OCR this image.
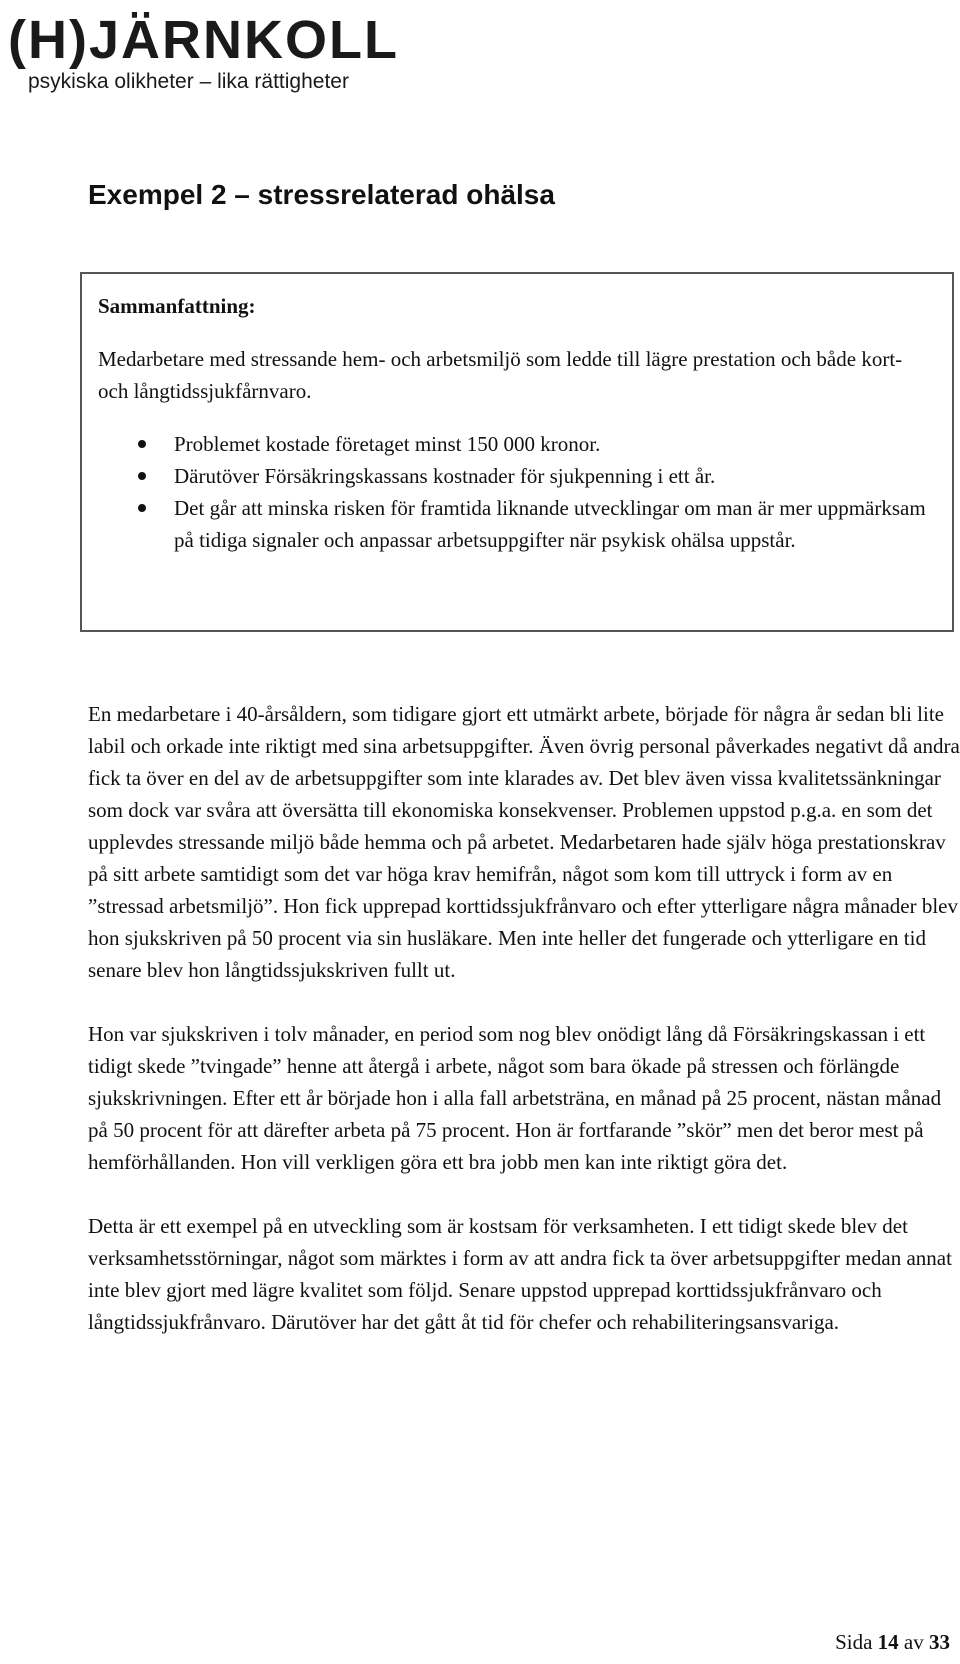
(H)JÄRNKOLL
psykiska olikheter – lika rättigheter
Exempel 2 – stressrelaterad ohälsa

Sammanfattning:

Medarbetare med stressande hem- och arbetsmiljö som ledde till lägre prestation och både kort- och långtidssjukfårnvaro.

Problemet kostade företaget minst 150 000 kronor.
Därutöver Försäkringskassans kostnader för sjukpenning i ett år.
Det går att minska risken för framtida liknande utvecklingar om man är mer uppmärksam på tidiga signaler och anpassar arbetsuppgifter när psykisk ohälsa uppstår.

En medarbetare i 40-årsåldern, som tidigare gjort ett utmärkt arbete, började för några år sedan bli lite labil och orkade inte riktigt med sina arbetsuppgifter. Även övrig personal påverkades negativt då andra fick ta över en del av de arbetsuppgifter som inte klarades av. Det blev även vissa kvalitetssänkningar som dock var svåra att översätta till ekonomiska konsekvenser. Problemen uppstod p.g.a. en som det upplevdes stressande miljö både hemma och på arbetet. Medarbetaren hade själv höga prestationskrav på sitt arbete samtidigt som det var höga krav hemifrån, något som kom till uttryck i form av en ”stressad arbetsmiljö”. Hon fick upprepad korttidssjukfrånvaro och efter ytterligare några månader blev hon sjukskriven på 50 procent via sin husläkare. Men inte heller det fungerade och ytterligare en tid senare blev hon långtidssjukskriven fullt ut.

Hon var sjukskriven i tolv månader, en period som nog blev onödigt lång då Försäkringskassan i ett tidigt skede ”tvingade” henne att återgå i arbete, något som bara ökade på stressen och förlängde sjukskrivningen. Efter ett år började hon i alla fall arbetsträna, en månad på 25 procent, nästan månad på 50 procent för att därefter arbeta på 75 procent. Hon är fortfarande ”skör” men det beror mest på hemförhållanden. Hon vill verkligen göra ett bra jobb men kan inte riktigt göra det.

Detta är ett exempel på en utveckling som är kostsam för verksamheten. I ett tidigt skede blev det verksamhetsstörningar, något som märktes i form av att andra fick ta över arbetsuppgifter medan annat inte blev gjort med lägre kvalitet som följd. Senare uppstod upprepad korttidssjukfrånvaro och långtidssjukfrånvaro. Därutöver har det gått åt tid för chefer och rehabiliteringsansvariga.

Sida 14 av 33
